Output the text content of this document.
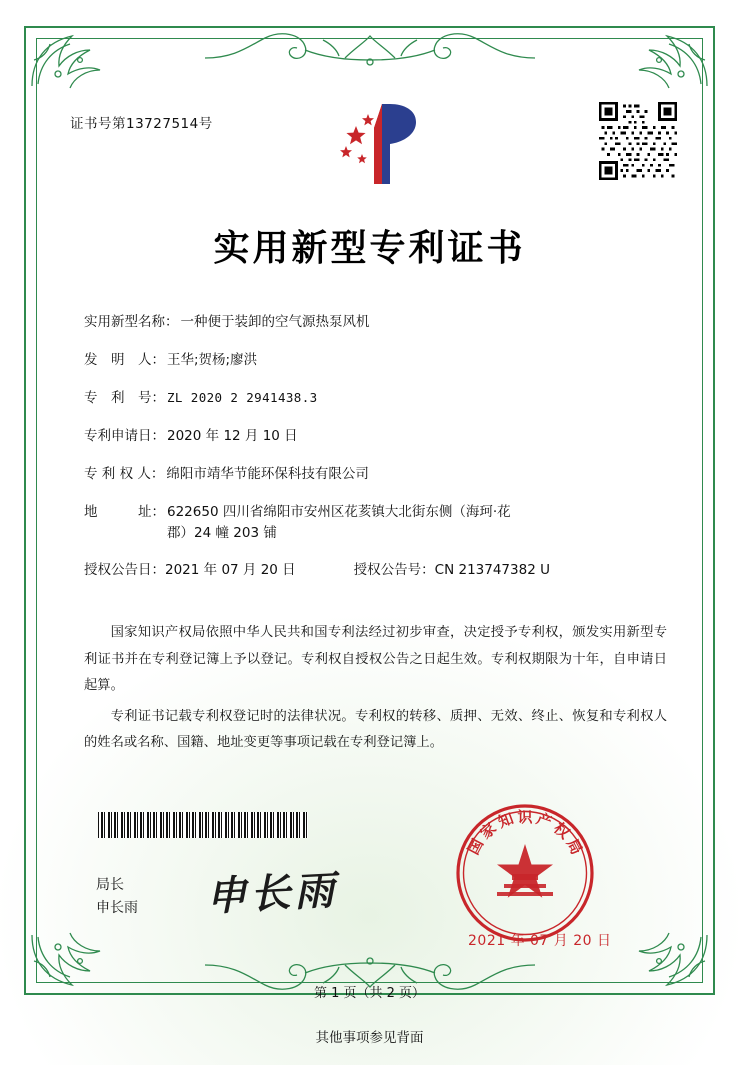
证书号第13727514号
实用新型专利证书
实用新型名称： 一种便于装卸的空气源热泵风机
发　明　人： 王华;贺杨;廖洪
专　利　号： ZL 2020 2 2941438.3
专利申请日： 2020 年 12 月 10 日
专 利 权 人： 绵阳市靖华节能环保科技有限公司
地　　　址： 622650 四川省绵阳市安州区花荄镇大北街东侧（海珂·花
郡）24 幢 203 铺
授权公告日： 2021 年 07 月 20 日	授权公告号： CN 213747382 U

国家知识产权局依照中华人民共和国专利法经过初步审查，决定授予专利权，颁发实用新型专利证书并在专利登记簿上予以登记。专利权自授权公告之日起生效。专利权期限为十年，自申请日起算。

专利证书记载专利权登记时的法律状况。专利权的转移、质押、无效、终止、恢复和专利权人的姓名或名称、国籍、地址变更等事项记载在专利登记簿上。

局长
申长雨 申长雨
国
家
知 识 产
权
局
2021 年 07 月 20 日
第 1 页（共 2 页）
其他事项参见背面
